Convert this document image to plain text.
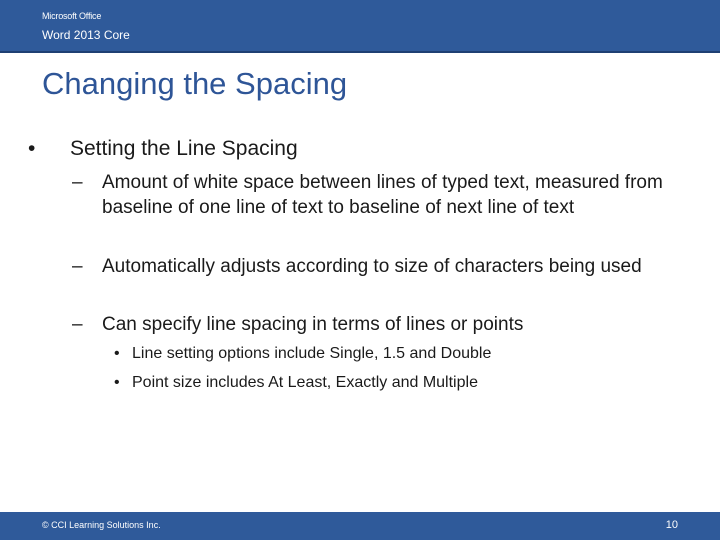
Microsoft Office
Word 2013 Core
Changing the Spacing
• Setting the Line Spacing
– Amount of white space between lines of typed text, measured from baseline of one line of text to baseline of next line of text
– Automatically adjusts according to size of characters being used
– Can specify line spacing in terms of lines or points
• Line setting options include Single, 1.5 and Double
• Point size includes At Least, Exactly and Multiple
© CCI Learning Solutions Inc.	10
